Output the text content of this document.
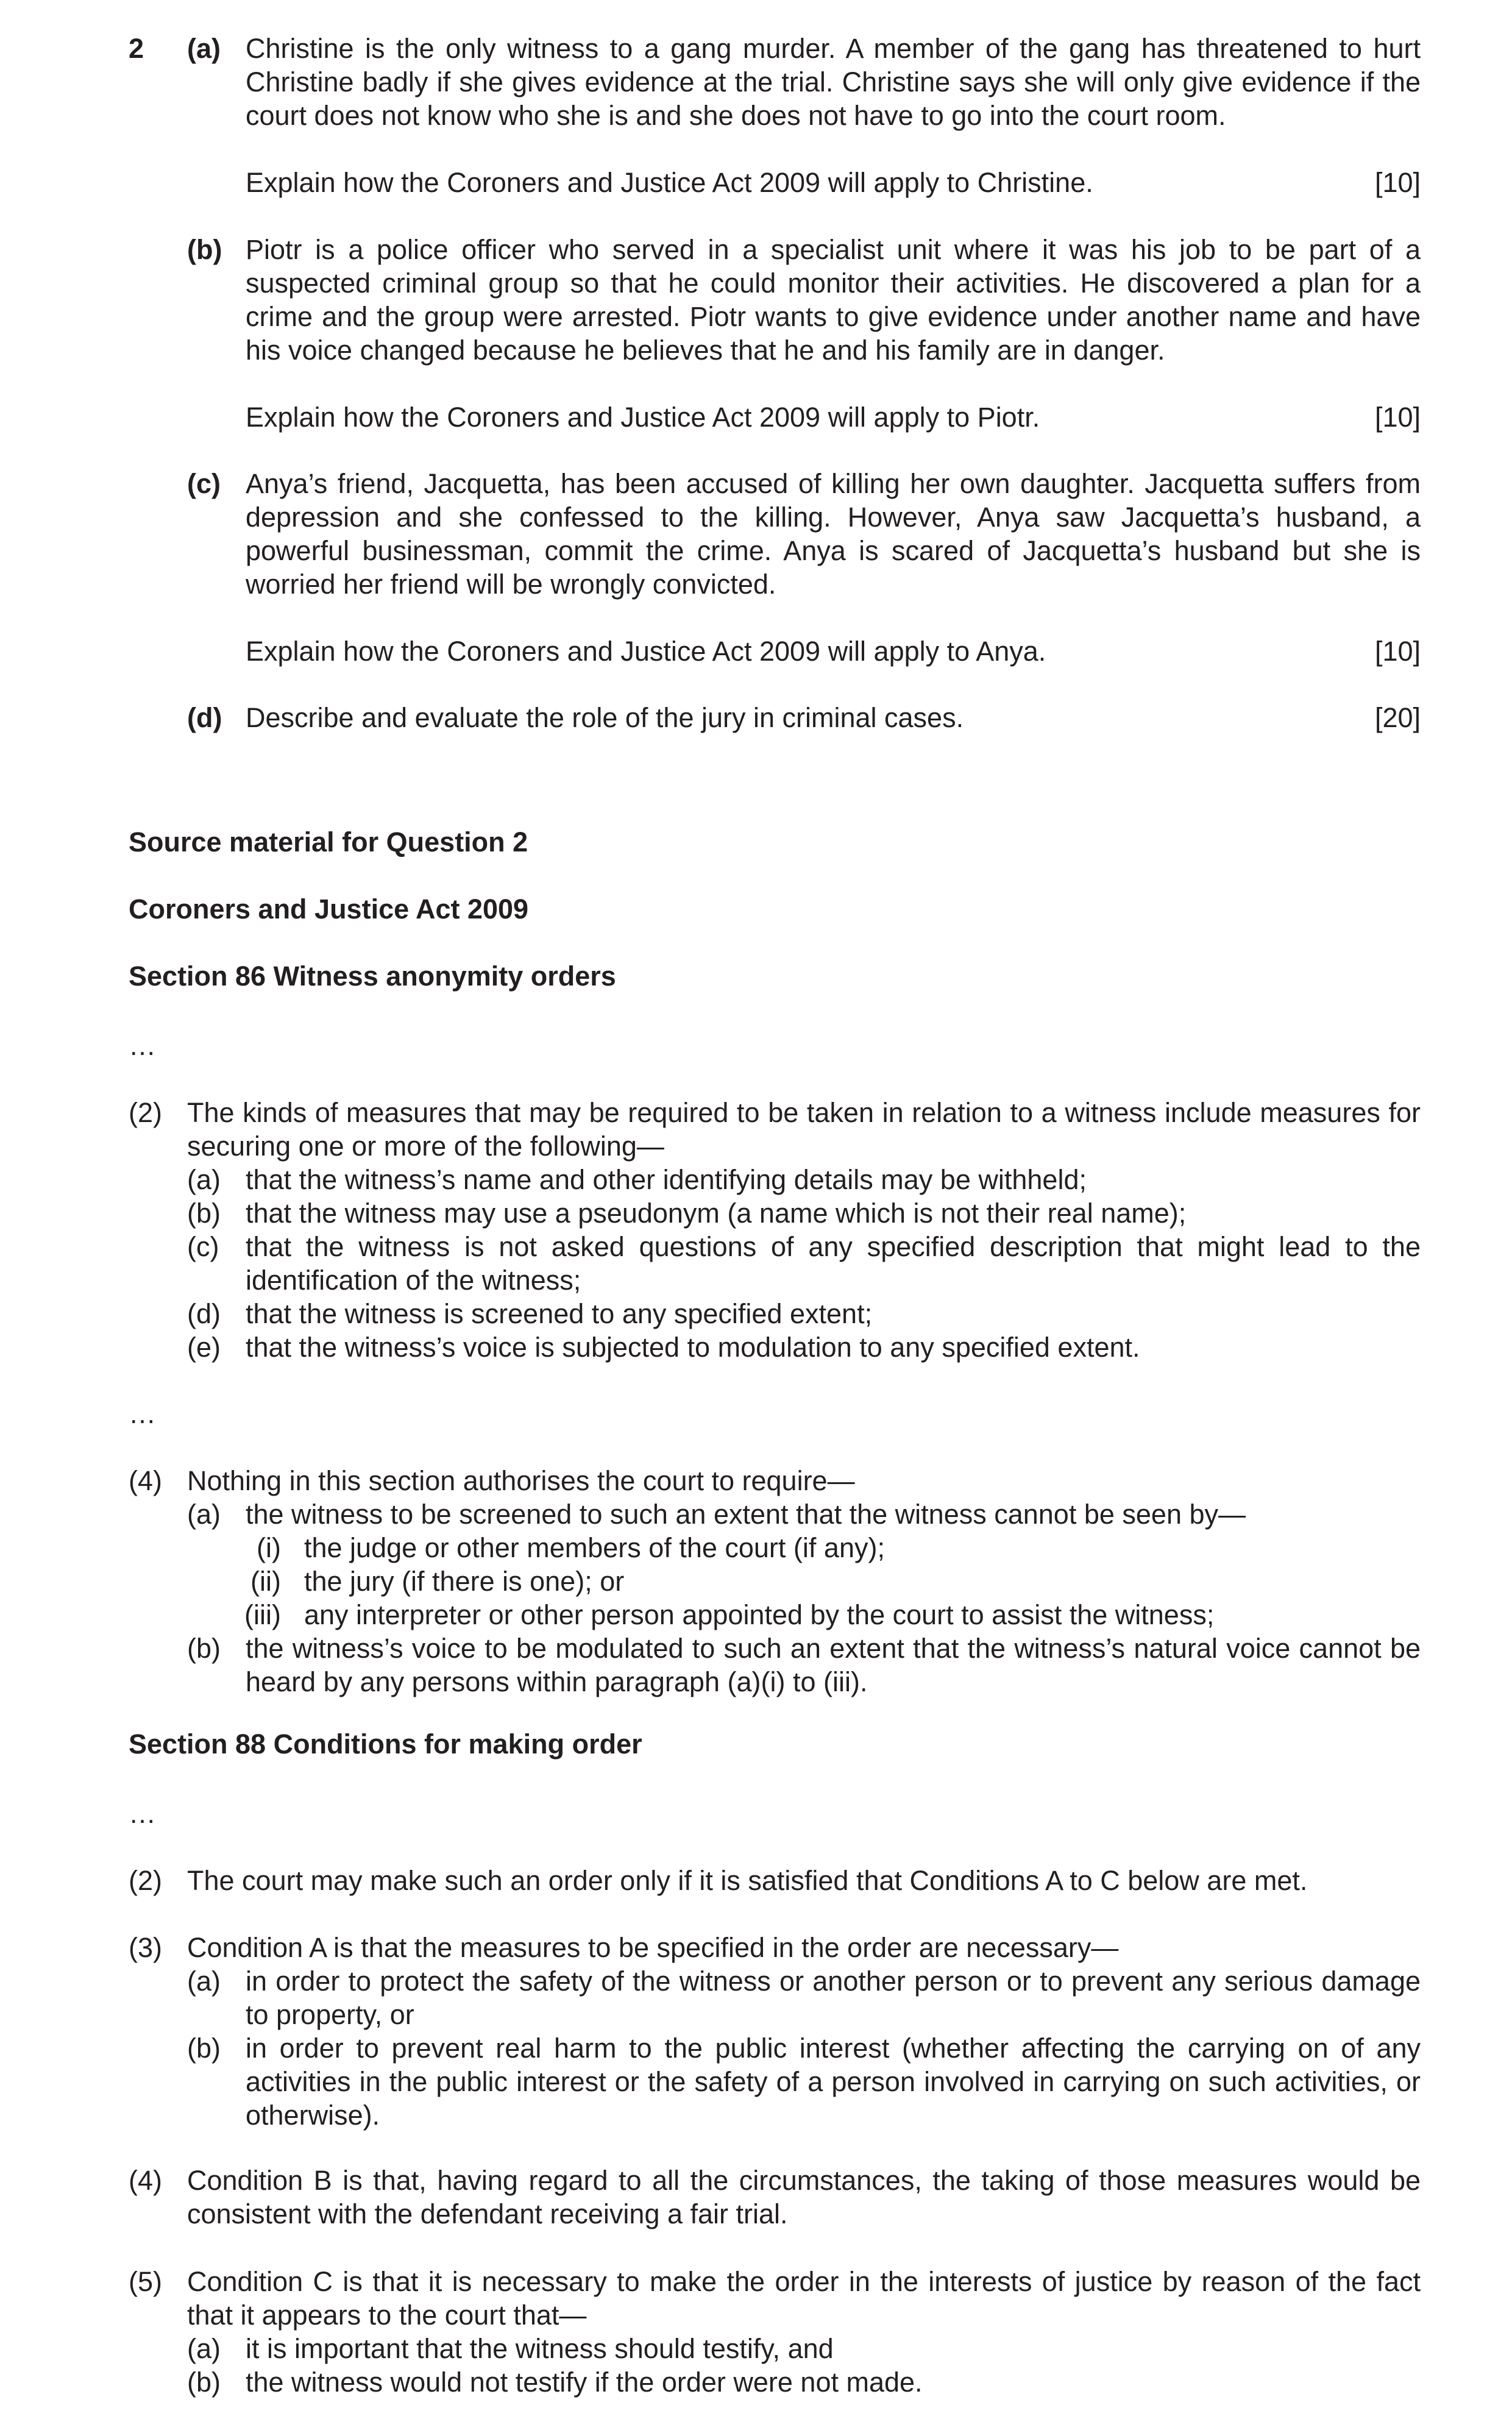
2 (a) Christine is the only witness to a gang murder. A member of the gang has threatened to hurt Christine badly if she gives evidence at the trial. Christine says she will only give evidence if the court does not know who she is and she does not have to go into the court room.
Explain how the Coroners and Justice Act 2009 will apply to Christine.	[10]
(b) Piotr is a police officer who served in a specialist unit where it was his job to be part of a suspected criminal group so that he could monitor their activities. He discovered a plan for a crime and the group were arrested. Piotr wants to give evidence under another name and have his voice changed because he believes that he and his family are in danger.
Explain how the Coroners and Justice Act 2009 will apply to Piotr.	[10]
(c) Anya’s friend, Jacquetta, has been accused of killing her own daughter. Jacquetta suffers from depression and she confessed to the killing. However, Anya saw Jacquetta’s husband, a powerful businessman, commit the crime. Anya is scared of Jacquetta’s husband but she is worried her friend will be wrongly convicted.
Explain how the Coroners and Justice Act 2009 will apply to Anya.	[10]
(d) Describe and evaluate the role of the jury in criminal cases.	[20]
Source material for Question 2
Coroners and Justice Act 2009
Section 86 Witness anonymity orders
…
(2) The kinds of measures that may be required to be taken in relation to a witness include measures for securing one or more of the following—
(a) that the witness’s name and other identifying details may be withheld;
(b) that the witness may use a pseudonym (a name which is not their real name);
(c) that the witness is not asked questions of any specified description that might lead to the identification of the witness;
(d) that the witness is screened to any specified extent;
(e) that the witness’s voice is subjected to modulation to any specified extent.
…
(4) Nothing in this section authorises the court to require—
(a) the witness to be screened to such an extent that the witness cannot be seen by—
(i) the judge or other members of the court (if any);
(ii) the jury (if there is one); or
(iii) any interpreter or other person appointed by the court to assist the witness;
(b) the witness’s voice to be modulated to such an extent that the witness’s natural voice cannot be heard by any persons within paragraph (a)(i) to (iii).
Section 88 Conditions for making order
…
(2) The court may make such an order only if it is satisfied that Conditions A to C below are met.
(3) Condition A is that the measures to be specified in the order are necessary—
(a) in order to protect the safety of the witness or another person or to prevent any serious damage to property, or
(b) in order to prevent real harm to the public interest (whether affecting the carrying on of any activities in the public interest or the safety of a person involved in carrying on such activities, or otherwise).
(4) Condition B is that, having regard to all the circumstances, the taking of those measures would be consistent with the defendant receiving a fair trial.
(5) Condition C is that it is necessary to make the order in the interests of justice by reason of the fact that it appears to the court that—
(a) it is important that the witness should testify, and
(b) the witness would not testify if the order were not made.
